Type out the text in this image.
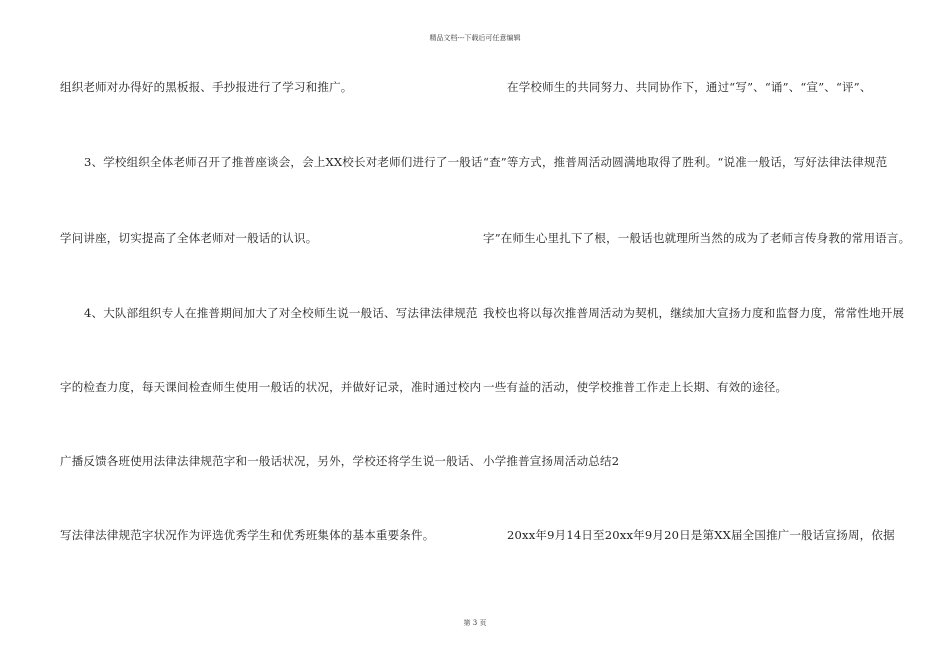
精品文档---下载后可任意编辑
组织老师对办得好的黑板报、手抄报进行了学习和推广。
3、学校组织全体老师召开了推普座谈会，会上XX校长对老师们进行了一般话
学问讲座，切实提高了全体老师对一般话的认识。
4、大队部组织专人在推普期间加大了对全校师生说一般话、写法律法律规范
字的检查力度，每天课间检查师生使用一般话的状况，并做好记录，准时通过校内
广播反馈各班使用法律法律规范字和一般话状况，另外，学校还将学生说一般话、
写法律法律规范字状况作为评选优秀学生和优秀班集体的基本重要条件。
在学校师生的共同努力、共同协作下，通过“写”、“诵”、“宣”、“评”、
“查”等方式，推普周活动圆满地取得了胜利。“说准一般话，写好法律法律规范
字”在师生心里扎下了根，一般话也就理所当然的成为了老师言传身教的常用语言。
我校也将以每次推普周活动为契机，继续加大宣扬力度和监督力度，常常性地开展
一些有益的活动，使学校推普工作走上长期、有效的途径。
小学推普宣扬周活动总结2
20xx年9月14日至20xx年9月20日是第XX届全国推广一般话宣扬周，依据
第 3 页
